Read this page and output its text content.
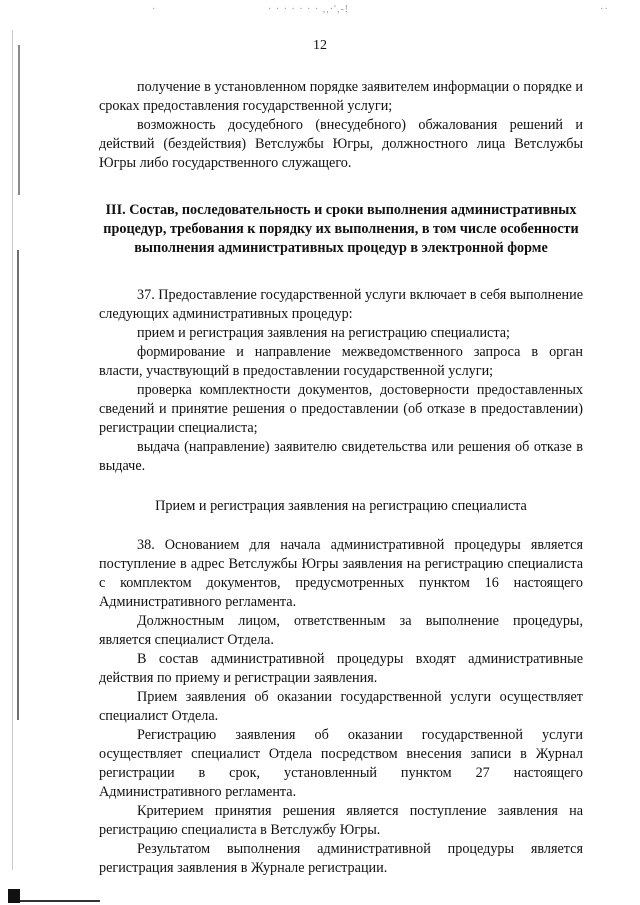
·	· · · · · · · ,,·',-!	··
12

получение в установленном порядке заявителем информации о порядке и сроках предоставления государственной услуги;

возможность досудебного (внесудебного) обжалования решений и действий (бездействия) Ветслужбы Югры, должностного лица Ветслужбы Югры либо государственного служащего.

III. Состав, последовательность и сроки выполнения административных процедур, требования к порядку их выполнения, в том числе особенности выполнения административных процедур в электронной форме

37. Предоставление государственной услуги включает в себя выполнение следующих административных процедур:

прием и регистрация заявления на регистрацию специалиста;

формирование и направление межведомственного запроса в орган власти, участвующий в предоставлении государственной услуги;

проверка комплектности документов, достоверности предоставленных сведений и принятие решения о предоставлении (об отказе в предоставлении) регистрации специалиста;

выдача (направление) заявителю свидетельства или решения об отказе в выдаче.

Прием и регистрация заявления на регистрацию специалиста

38. Основанием для начала административной процедуры является поступление в адрес Ветслужбы Югры заявления на регистрацию специалиста с комплектом документов, предусмотренных пунктом 16 настоящего Административного регламента.

Должностным лицом, ответственным за выполнение процедуры, является специалист Отдела.

В состав административной процедуры входят административные действия по приему и регистрации заявления.

Прием заявления об оказании государственной услуги осуществляет специалист Отдела.

Регистрацию заявления об оказании государственной услуги осуществляет специалист Отдела посредством внесения записи в Журнал регистрации в срок, установленный пунктом 27 настоящего Административного регламента.

Критерием принятия решения является поступление заявления на регистрацию специалиста в Ветслужбу Югры.

Результатом выполнения административной процедуры является регистрация заявления в Журнале регистрации.
